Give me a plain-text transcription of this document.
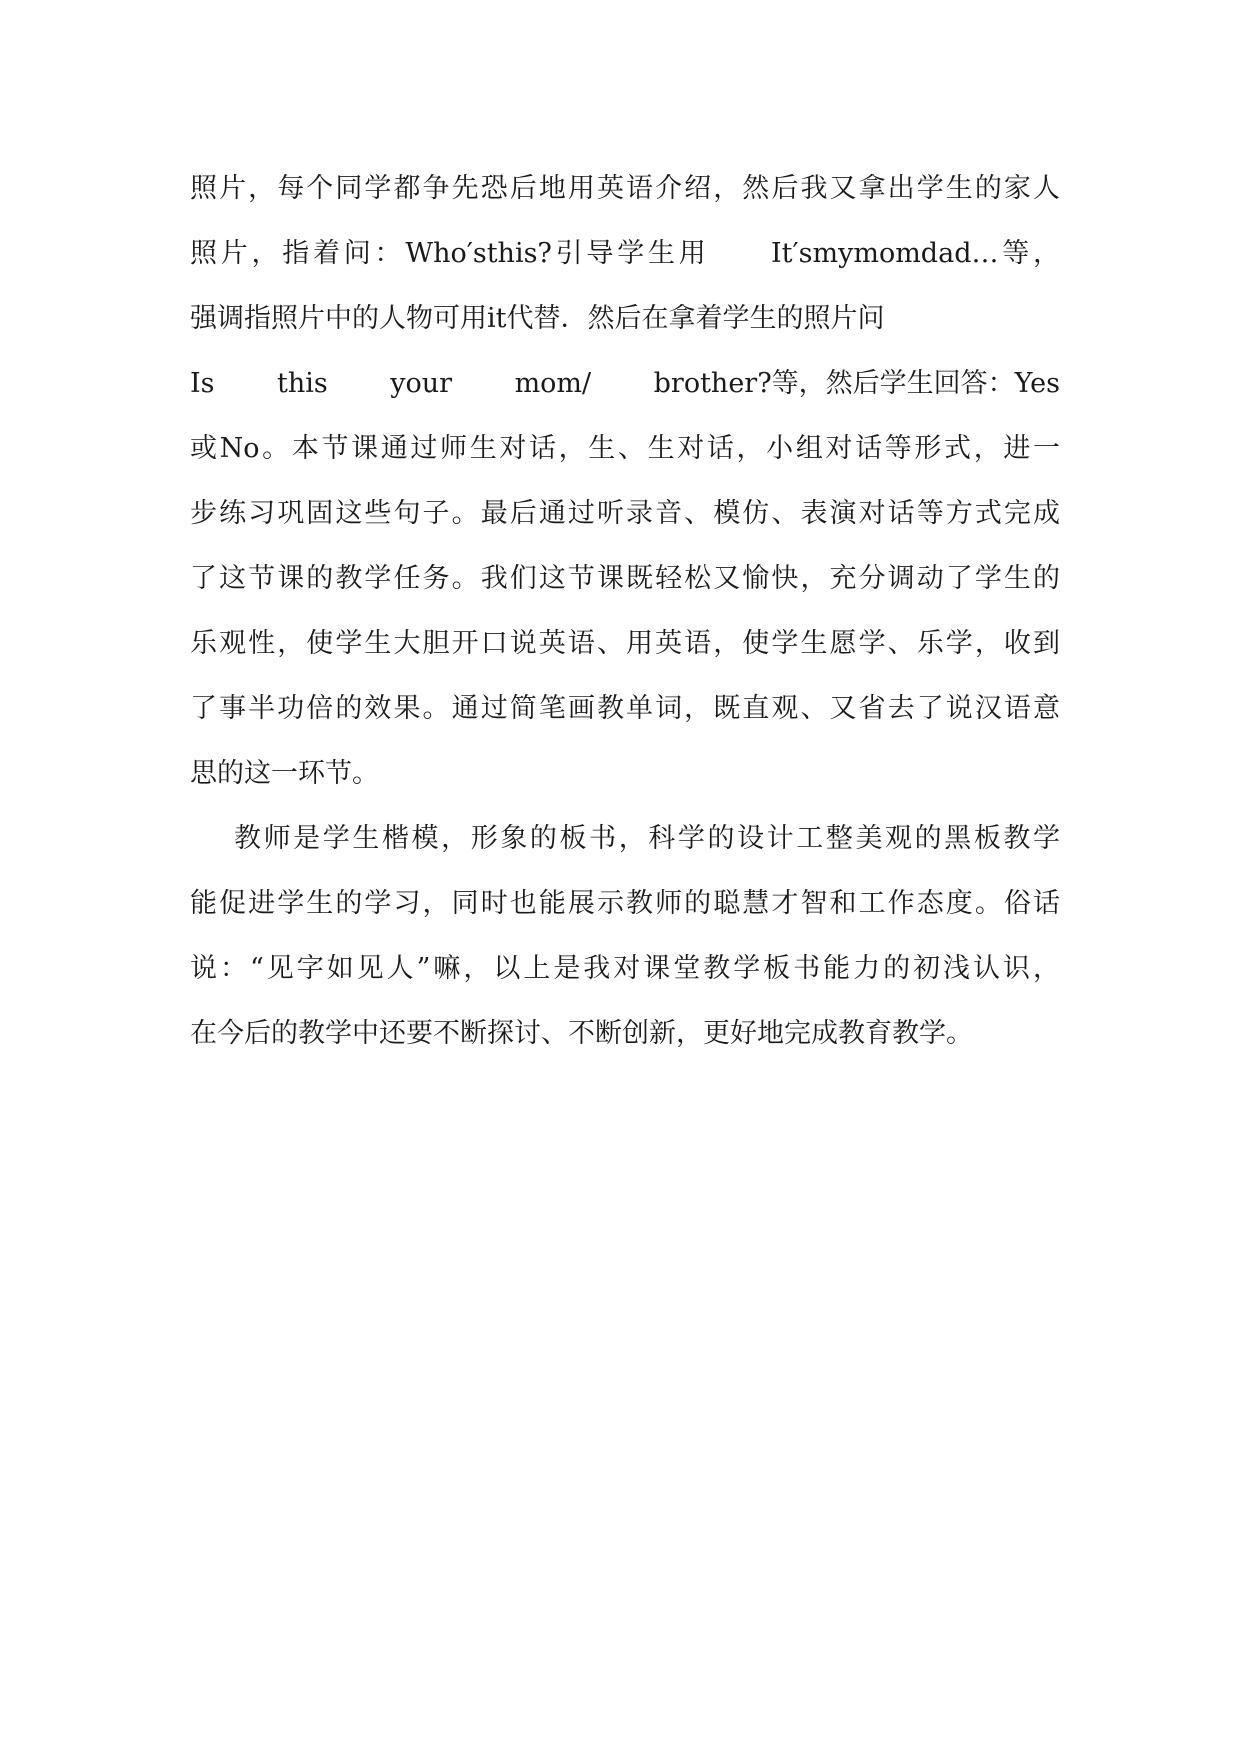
照片，每个同学都争先恐后地用英语介绍，然后我又拿出学生的家人
照片，指着问：Who′sthis?引导学生用　　It′smymomdad…等，
强调指照片中的人物可用it代替．然后在拿着学生的照片问
Is this your mom/ brother?等，然后学生回答：Yes
或No。本节课通过师生对话，生、生对话，小组对话等形式，进一
步练习巩固这些句子。最后通过听录音、模仿、表演对话等方式完成
了这节课的教学任务。我们这节课既轻松又愉快，充分调动了学生的
乐观性，使学生大胆开口说英语、用英语，使学生愿学、乐学，收到
了事半功倍的效果。通过简笔画教单词，既直观、又省去了说汉语意
思的这一环节。
教师是学生楷模，形象的板书，科学的设计工整美观的黑板教学
能促进学生的学习，同时也能展示教师的聪慧才智和工作态度。俗话
说：“见字如见人”嘛，以上是我对课堂教学板书能力的初浅认识，
在今后的教学中还要不断探讨、不断创新，更好地完成教育教学。
